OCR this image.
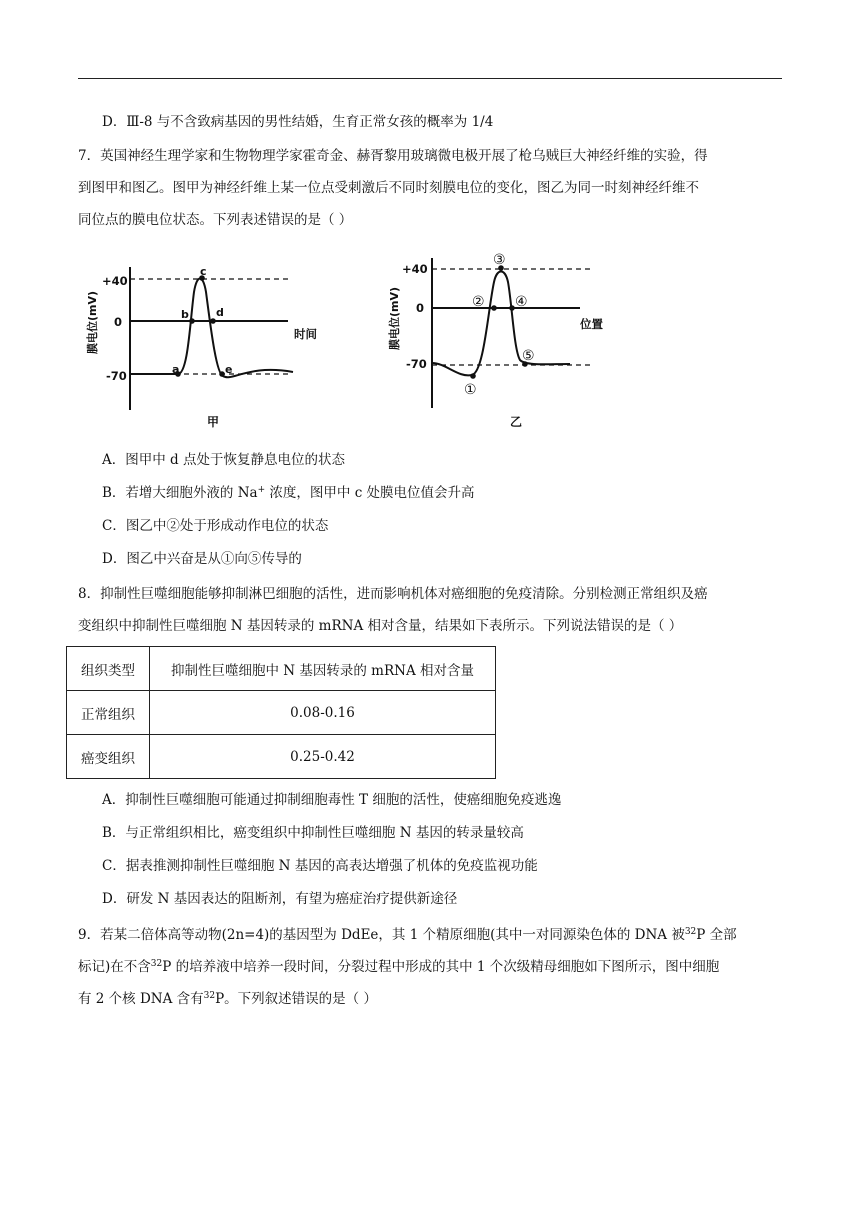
D．Ⅲ-8 与不含致病基因的男性结婚，生育正常女孩的概率为 1/4
7．英国神经生理学家和生物物理学家霍奇金、赫胥黎用玻璃微电极开展了枪乌贼巨大神经纤维的实验，得
到图甲和图乙。图甲为神经纤维上某一位点受刺激后不同时刻膜电位的变化，图乙为同一时刻神经纤维不
同位点的膜电位状态。下列表述错误的是（ ）
+40
0
-70
时间
a
b
c
d
e
甲
膜电位(mV)
+40
0
-70
位置
①
②
③
④
⑤
乙
膜电位(mV)
A．图甲中 d 点处于恢复静息电位的状态
B．若增大细胞外液的 Na+ 浓度，图甲中 c 处膜电位值会升高
C．图乙中②处于形成动作电位的状态
D．图乙中兴奋是从①向⑤传导的
8．抑制性巨噬细胞能够抑制淋巴细胞的活性，进而影响机体对癌细胞的免疫清除。分别检测正常组织及癌
变组织中抑制性巨噬细胞 N 基因转录的 mRNA 相对含量，结果如下表所示。下列说法错误的是（ ）
组织类型	抑制性巨噬细胞中 N 基因转录的 mRNA 相对含量
正常组织	0.08-0.16
癌变组织	0.25-0.42
A．抑制性巨噬细胞可能通过抑制细胞毒性 T 细胞的活性，使癌细胞免疫逃逸
B．与正常组织相比，癌变组织中抑制性巨噬细胞 N 基因的转录量较高
C．据表推测抑制性巨噬细胞 N 基因的高表达增强了机体的免疫监视功能
D．研发 N 基因表达的阻断剂，有望为癌症治疗提供新途径
9．若某二倍体高等动物(2n=4)的基因型为 DdEe，其 1 个精原细胞(其中一对同源染色体的 DNA 被$^{32}$P 全部
标记)在不含$^{32}$P 的培养液中培养一段时间，分裂过程中形成的其中 1 个次级精母细胞如下图所示，图中细胞
有 2 个核 DNA 含有$^{32}$P。下列叙述错误的是（ ）
